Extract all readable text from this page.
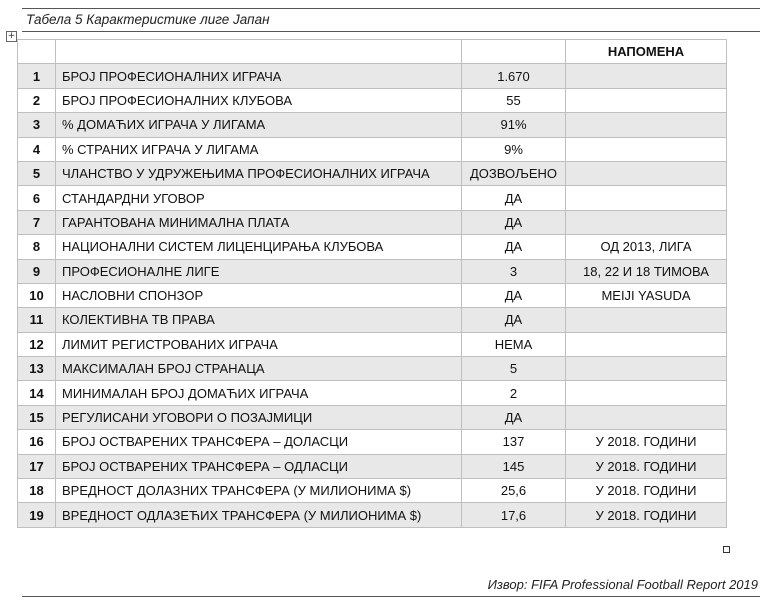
Табела 5 Карактеристике лиге Јапан
+
			НАПОМЕНА
1	БРОЈ ПРОФЕСИОНАЛНИХ ИГРАЧА	1.670	
2	БРОЈ ПРОФЕСИОНАЛНИХ КЛУБОВА	55	
3	% ДОМАЋИХ ИГРАЧА У ЛИГАМА	91%	
4	% СТРАНИХ ИГРАЧА У ЛИГАМА	9%	
5	ЧЛАНСТВО У УДРУЖЕЊИМА ПРОФЕСИОНАЛНИХ ИГРАЧА	ДОЗВОЉЕНО	
6	СТАНДАРДНИ УГОВОР	ДА	
7	ГАРАНТОВАНА МИНИМАЛНА ПЛАТА	ДА	
8	НАЦИОНАЛНИ СИСТЕМ ЛИЦЕНЦИРАЊА КЛУБОВА	ДА	ОД 2013, ЛИГА
9	ПРОФЕСИОНАЛНЕ ЛИГЕ	3	18, 22 И 18 ТИМОВА
10	НАСЛОВНИ СПОНЗОР	ДА	MEIJI YASUDA
11	КОЛЕКТИВНА ТВ ПРАВА	ДА	
12	ЛИМИТ РЕГИСТРОВАНИХ ИГРАЧА	НЕМА	
13	МАКСИМАЛАН БРОЈ СТРАНАЦА	5	
14	МИНИМАЛАН БРОЈ ДОМАЋИХ ИГРАЧА	2	
15	РЕГУЛИСАНИ УГОВОРИ О ПОЗАЈМИЦИ	ДА	
16	БРОЈ ОСТВАРЕНИХ ТРАНСФЕРА – ДОЛАСЦИ	137	У 2018. ГОДИНИ
17	БРОЈ ОСТВАРЕНИХ ТРАНСФЕРА – ОДЛАСЦИ	145	У 2018. ГОДИНИ
18	ВРЕДНОСТ ДОЛАЗНИХ ТРАНСФЕРА (У МИЛИОНИМА $)	25,6	У 2018. ГОДИНИ
19	ВРЕДНОСТ ОДЛАЗЕЋИХ ТРАНСФЕРА (У МИЛИОНИМА $)	17,6	У 2018. ГОДИНИ
Извор: FIFA Professional Football Report 2019
